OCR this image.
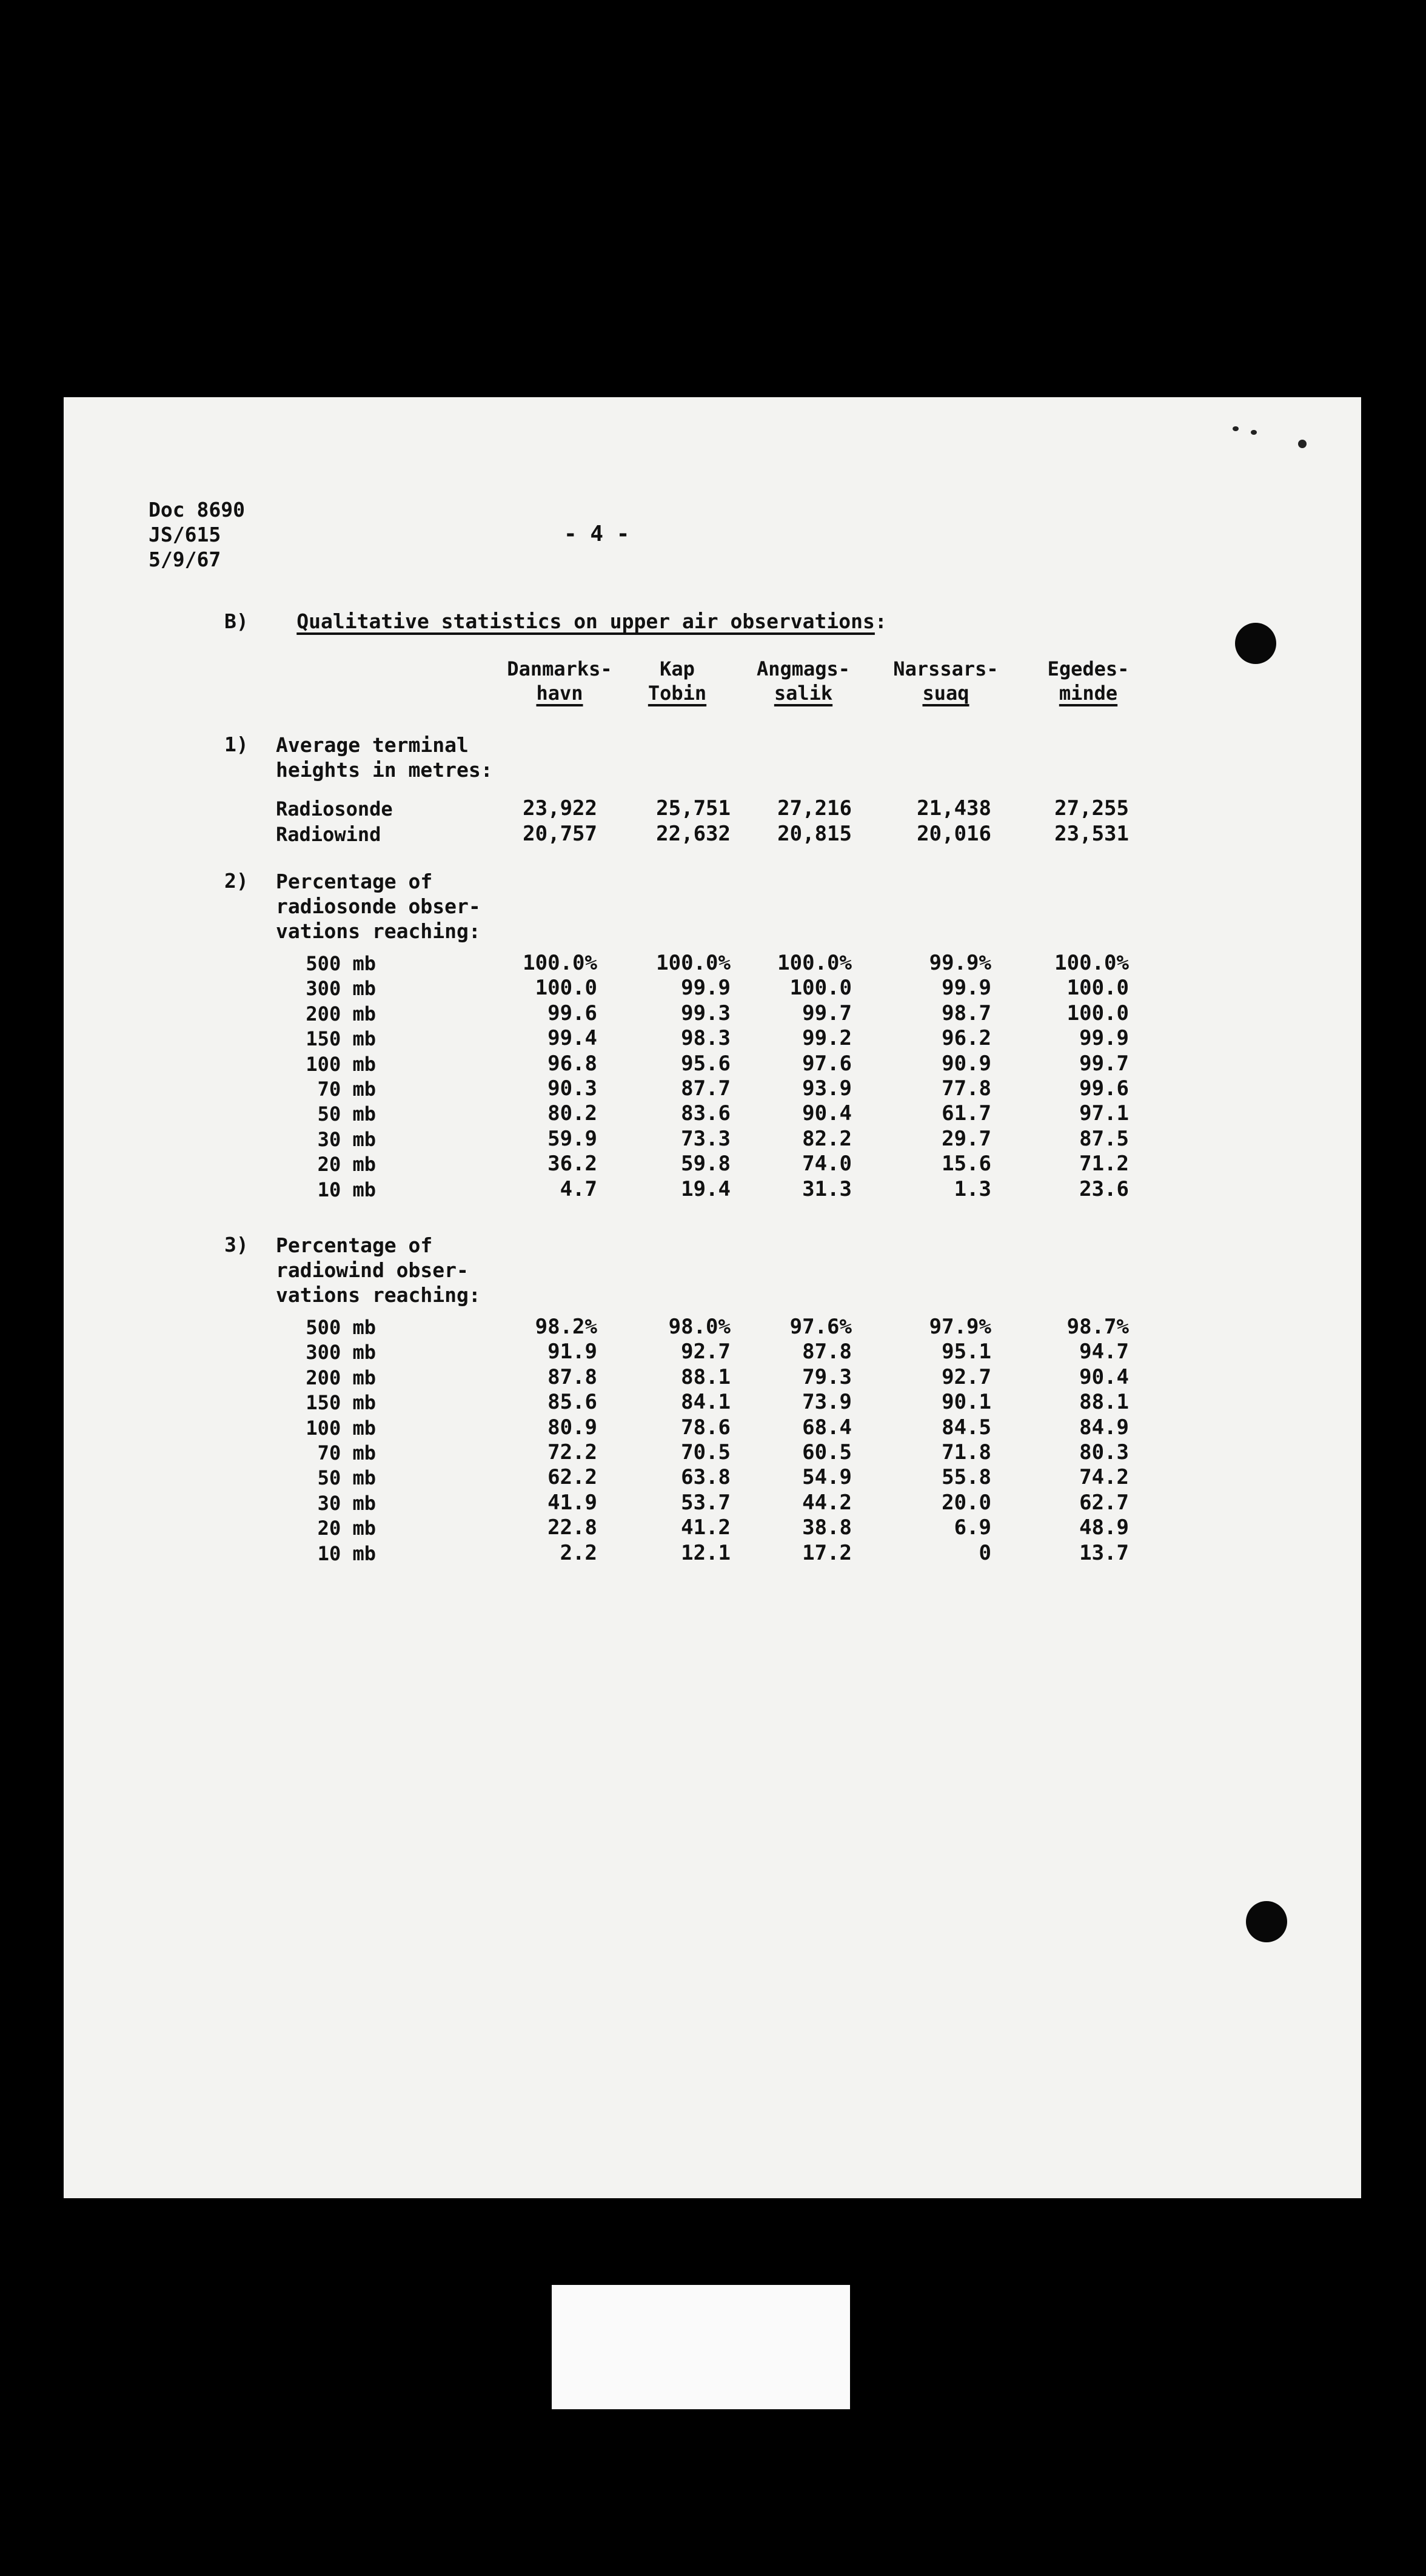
Doc 8690
JS/615
5/9/67
- 4 -
B) Qualitative statistics on upper air observations:
Danmarks-
havn
Kap
Tobin
Angmags-
salik
Narssars-
suaq
Egedes-
minde
1) Average terminal
heights in metres:
Radiosonde	23,922	25,751	27,216	21,438	27,255
Radiowind	20,757	22,632	20,815	20,016	23,531
2) Percentage of
radiosonde obser-
vations reaching:
500 mb	100.0%	100.0%	100.0%	99.9%	100.0%
300 mb	100.0	99.9	100.0	99.9	100.0
200 mb	99.6	99.3	99.7	98.7	100.0
150 mb	99.4	98.3	99.2	96.2	99.9
100 mb	96.8	95.6	97.6	90.9	99.7
70 mb	90.3	87.7	93.9	77.8	99.6
50 mb	80.2	83.6	90.4	61.7	97.1
30 mb	59.9	73.3	82.2	29.7	87.5
20 mb	36.2	59.8	74.0	15.6	71.2
10 mb	4.7	19.4	31.3	1.3	23.6
3) Percentage of
radiowind obser-
vations reaching:
500 mb	98.2%	98.0%	97.6%	97.9%	98.7%
300 mb	91.9	92.7	87.8	95.1	94.7
200 mb	87.8	88.1	79.3	92.7	90.4
150 mb	85.6	84.1	73.9	90.1	88.1
100 mb	80.9	78.6	68.4	84.5	84.9
70 mb	72.2	70.5	60.5	71.8	80.3
50 mb	62.2	63.8	54.9	55.8	74.2
30 mb	41.9	53.7	44.2	20.0	62.7
20 mb	22.8	41.2	38.8	6.9	48.9
10 mb	2.2	12.1	17.2	0	13.7
